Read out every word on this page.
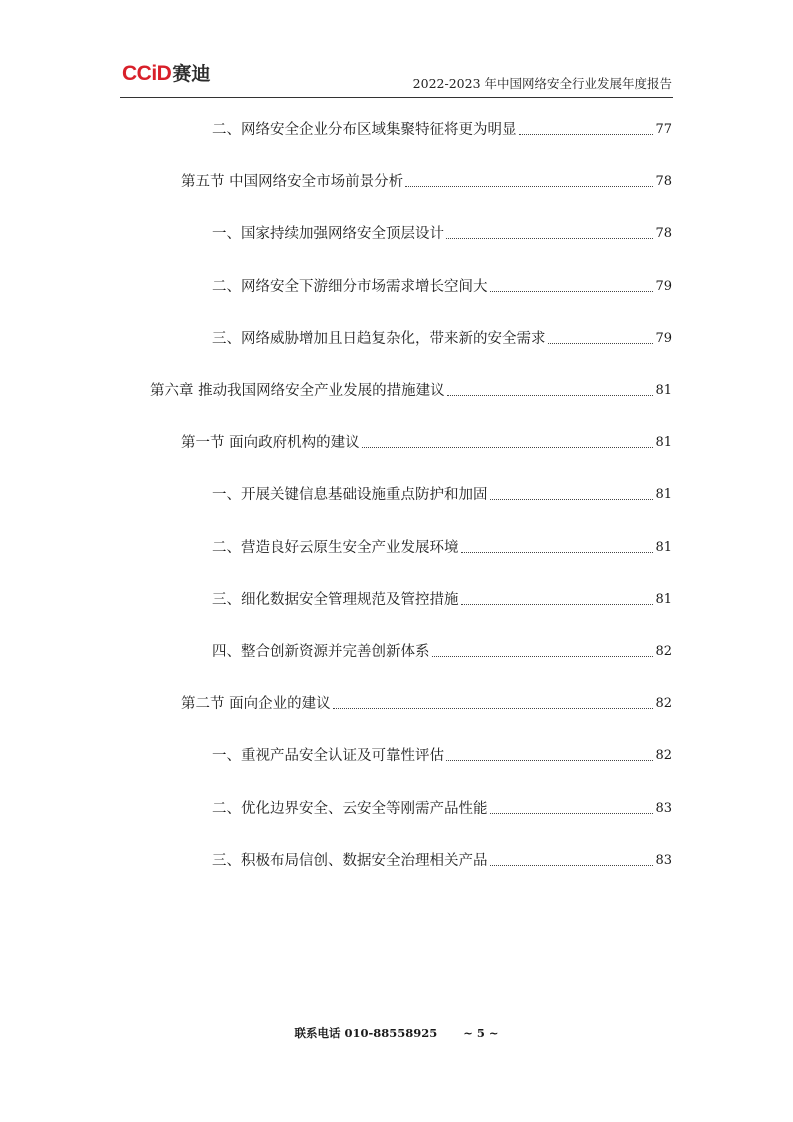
CCiD 赛迪	2022-2023 年中国网络安全行业发展年度报告
二、网络安全企业分布区域集聚特征将更为明显	77
第五节 中国网络安全市场前景分析	78
一、国家持续加强网络安全顶层设计	78
二、网络安全下游细分市场需求增长空间大	79
三、网络威胁增加且日趋复杂化，带来新的安全需求	79
第六章 推动我国网络安全产业发展的措施建议	81
第一节 面向政府机构的建议	81
一、开展关键信息基础设施重点防护和加固	81
二、营造良好云原生安全产业发展环境	81
三、细化数据安全管理规范及管控措施	81
四、整合创新资源并完善创新体系	82
第二节 面向企业的建议	82
一、重视产品安全认证及可靠性评估	82
二、优化边界安全、云安全等刚需产品性能	83
三、积极布局信创、数据安全治理相关产品	83
联系电话 010-88558925 ~ 5 ~
